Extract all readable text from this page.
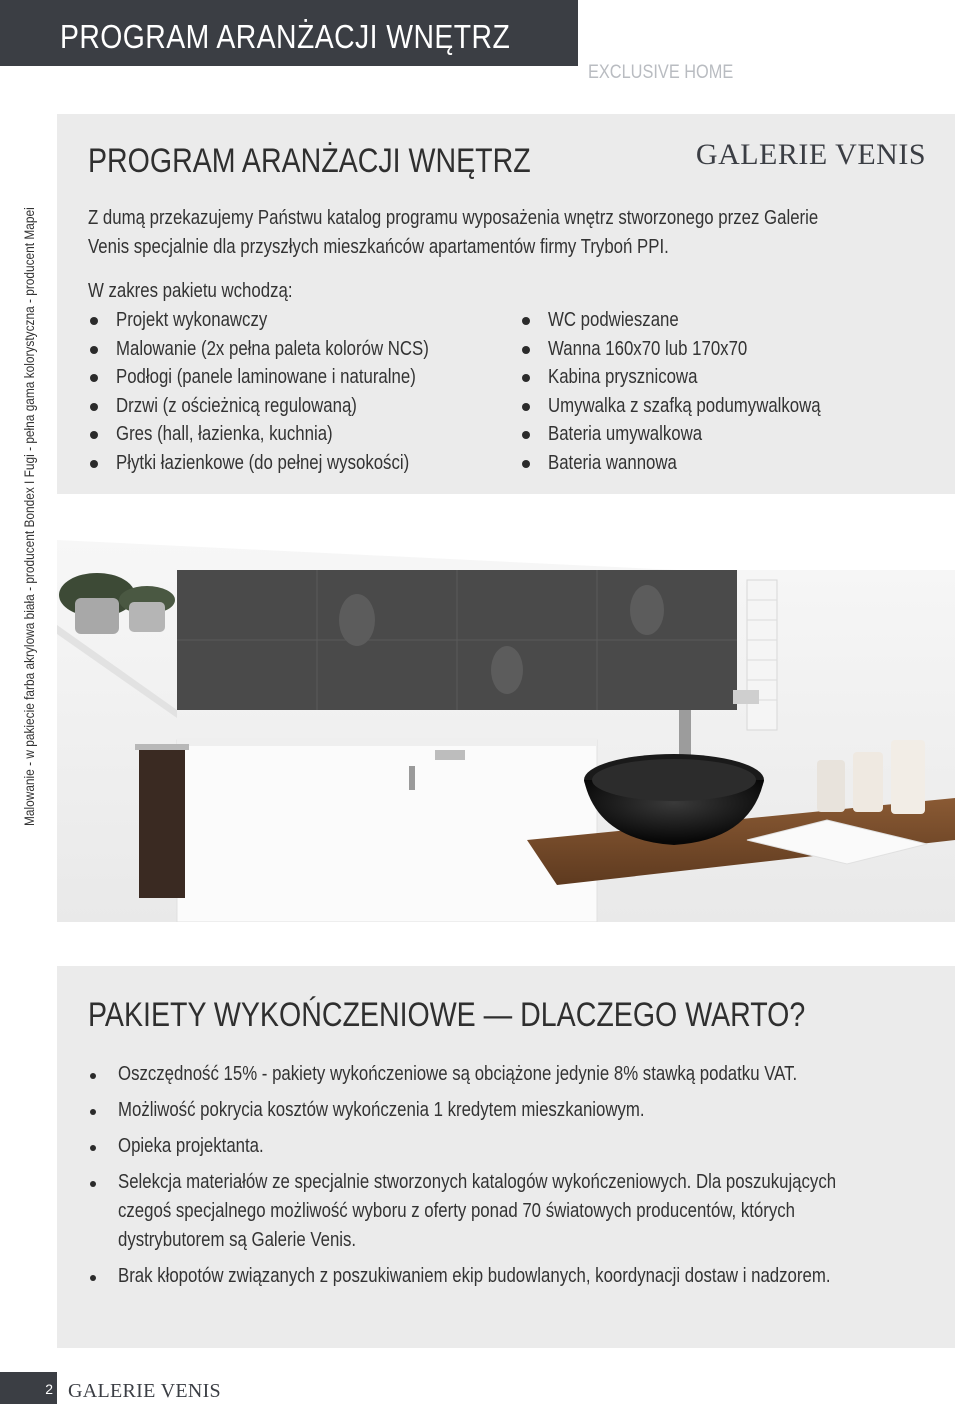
PROGRAM ARANŻACJI WNĘTRZ
EXCLUSIVE HOME
Malowanie - w pakiecie farba akrylowa biała - producent Bondex I Fugi - pełna gama kolorystyczna - producent Mapei
PROGRAM ARANŻACJI WNĘTRZ	GALERIE VENIS
Z dumą przekazujemy Państwu katalog programu wyposażenia wnętrz stworzonego przez Galerie
Venis specjalnie dla przyszłych mieszkańców apartamentów firmy Tryboń PPI.
W zakres pakietu wchodzą:
Projekt wykonawczy
Malowanie (2x pełna paleta kolorów NCS)
Podłogi (panele laminowane i naturalne)
Drzwi (z ościeżnicą regulowaną)
Gres (hall, łazienka, kuchnia)
Płytki łazienkowe (do pełnej wysokości)
WC podwieszane
Wanna 160x70 lub 170x70
Kabina prysznicowa
Umywalka z szafką podumywalkową
Bateria umywalkowa
Bateria wannowa
PAKIETY WYKOŃCZENIOWE — DLACZEGO WARTO?
Oszczędność 15% - pakiety wykończeniowe są obciążone jedynie 8% stawką podatku VAT.
Możliwość pokrycia kosztów wykończenia 1 kredytem mieszkaniowym.
Opieka projektanta.
Selekcja materiałów ze specjalnie stworzonych katalogów wykończeniowych. Dla poszukujących
czegoś specjalnego możliwość wyboru z oferty ponad 70 światowych producentów, których
dystrybutorem są Galerie Venis.
Brak kłopotów związanych z poszukiwaniem ekip budowlanych, koordynacji dostaw i nadzorem.
2 GALERIE VENIS
